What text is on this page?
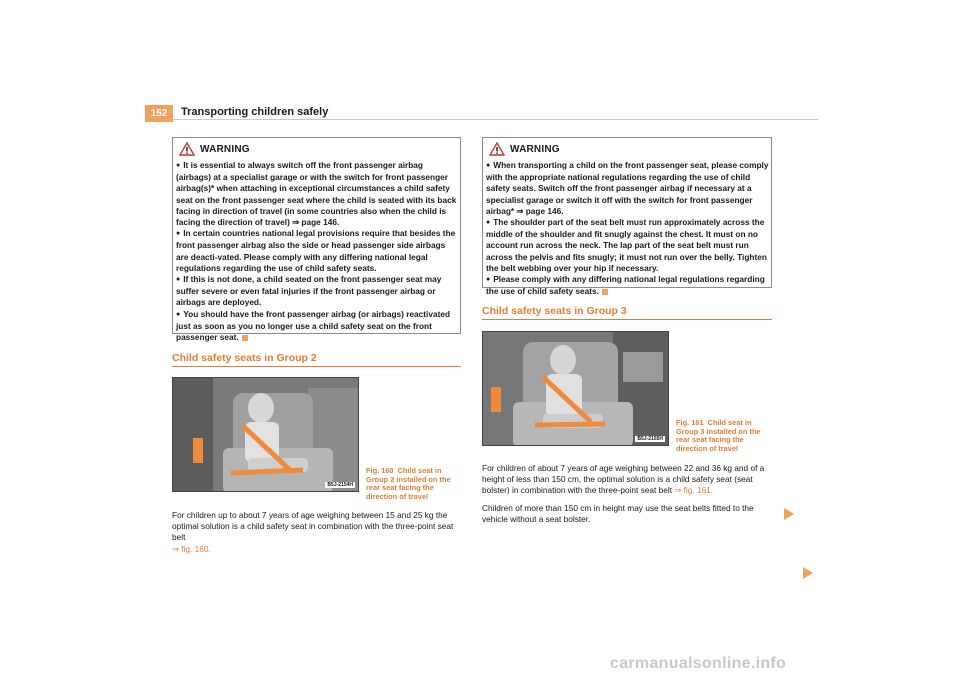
152	Transporting children safely
WARNING

● It is essential to always switch off the front passenger airbag (airbags) at a specialist garage or with the switch for front passenger airbag(s)* when attaching in exceptional circumstances a child safety seat on the front passenger seat where the child is seated with its back facing in direction of travel (in some countries also when the child is facing the direction of travel) ⇒ page 146.

● In certain countries national legal provisions require that besides the front passenger airbag also the side or head passenger side airbags are deacti-vated. Please comply with any differing national legal regulations regarding the use of child safety seats.

● If this is not done, a child seated on the front passenger seat may suffer severe or even fatal injuries if the front passenger airbag or airbags are deployed.

● You should have the front passenger airbag (or airbags) reactivated just as soon as you no longer use a child safety seat on the front passenger seat.

WARNING

● When transporting a child on the front passenger seat, please comply with the appropriate national regulations regarding the use of child safety seats. Switch off the front passenger airbag if necessary at a specialist garage or switch it off with the switch for front passenger airbag* ⇒ page 146.

● The shoulder part of the seat belt must run approximately across the middle of the shoulder and fit snugly against the chest. It must on no account run across the neck. The lap part of the seat belt must run across the pelvis and fits snugly; it must not run over the belly. Tighten the belt webbing over your hip if necessary.

● Please comply with any differing national legal regulations regarding the use of child safety seats.

Child safety seats in Group 2
B5J-2154H
Fig. 160 Child seat in Group 2 installed on the rear seat facing the direction of travel

For children up to about 7 years of age weighing between 15 and 25 kg the optimal solution is a child safety seat in combination with the three-point seat belt
⇒ fig. 160.

Child safety seats in Group 3
B5J-2155H
Fig. 161 Child seat in Group 3 installed on the rear seat facing the direction of travel

For children of about 7 years of age weighing between 22 and 36 kg and of a height of less than 150 cm, the optimal solution is a child safety seat (seat bolster) in combination with the three-point seat belt ⇒ fig. 161.

Children of more than 150 cm in height may use the seat belts fitted to the vehicle without a seat bolster.

carmanualsonline.info
